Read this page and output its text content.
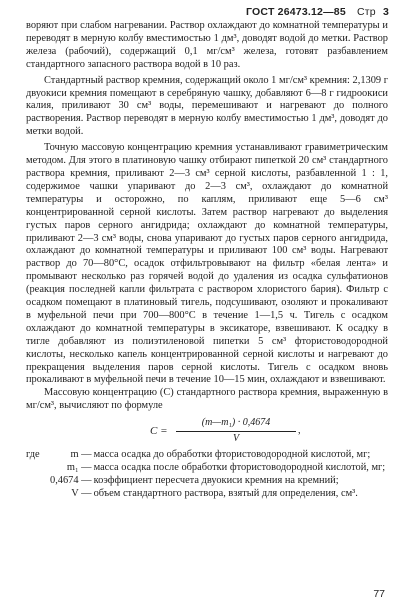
ГОСТ 26473.12—85 Стр 3

воряют при слабом нагревании. Раствор охлаждают до комнатной температуры и переводят в мерную колбу вместимостью 1 дм³, доводят водой до метки. Раствор железа (рабочий), содержащий 0,1 мг/см³ железа, готовят разбавлением стандартного запасного раствора водой в 10 раз.

Стандартный раствор кремния, содержащий около 1 мг/см³ кремния: 2,1309 г двуокиси кремния помещают в серебряную чашку, добавляют 6—8 г гидроокиси калия, приливают 30 см³ воды, перемешивают и нагревают до полного растворения. Раствор переводят в мерную колбу вместимостью 1 дм³, доводят до метки водой.

Точную массовую концентрацию кремния устанавливают гравиметрическим методом. Для этого в платиновую чашку отбирают пипеткой 20 см³ стандартного раствора кремния, приливают 2—3 см³ серной кислоты, разбавленной 1 : 1, содержимое чашки упаривают до 2—3 см³, охлаждают до комнатной температуры и осторожно, по каплям, приливают еще 5—6 см³ концентрированной серной кислоты. Затем раствор нагревают до выделения густых паров серного ангидрида; охлаждают до комнатной температуры, приливают 2—3 см³ воды, снова упаривают до густых паров серного ангидрида, охлаждают до комнатной температуры и приливают 100 см³ воды. Нагревают раствор до 70—80°С, осадок отфильтровывают на фильтр «белая лента» и промывают несколько раз горячей водой до удаления из осадка сульфатионов (реакция последней капли фильтрата с раствором хлористого бария). Фильтр с осадком помещают в платиновый тигель, подсушивают, озоляют и прокаливают в муфельной печи при 700—800°С в течение 1—1,5 ч. Тигель с осадком охлаждают до комнатной температуры в эксикаторе, взвешивают. К осадку в тигле добавляют из полиэтиленовой пипетки 5 см³ фтористоводородной кислоты, несколько капель концентрированной серной кислоты и нагревают до прекращения выделения паров серной кислоты. Тигель с осадком вновь прокаливают в муфельной печи в течение 10—15 мин, охлаждают и взвешивают.

Массовую концентрацию (C) стандартного раствора кремния, выраженную в мг/см³, вычисляют по формуле

$C = \frac{\text{(m—m₁) · 0,4674}}{V}$ ,
где	m —	масса осадка до обработки фтористоводородной кислотой, мг;
	m₁ —	масса осадка после обработки фтористоводородной кислотой, мг;
	0,4674 —	коэффициент пересчета двуокиси кремния на кремний;
	V —	объем стандартного раствора, взятый для определения, см³.
77
